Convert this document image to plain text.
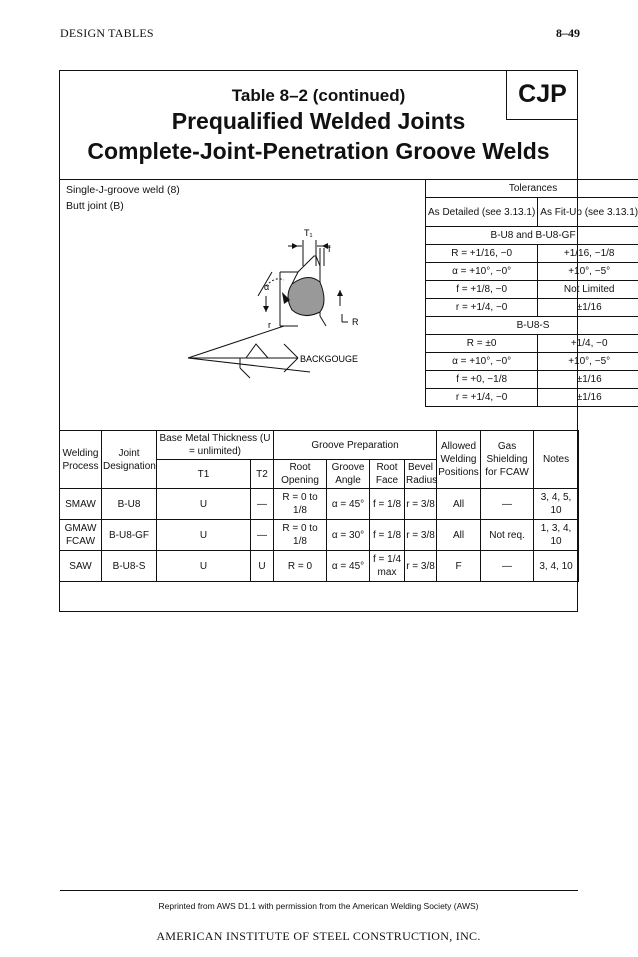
DESIGN TABLES	8–49
CJP
Table 8–2 (continued)
Prequalified Welded Joints
Complete-Joint-Penetration Groove Welds
Single-J-groove weld (8)
Butt joint (B)
T₁
f
α
r	R
BACKGOUGE
Tolerances	
As Detailed (see 3.13.1)	As Fit-Up (see 3.13.1)
B-U8 and B-U8-GF	
R = +1/16, −0	+1/16, −1/8
α = +10°, −0°	+10°, −5°
f = +1/8, −0	Not Limited
r = +1/4, −0	±1/16
B-U8-S	
R = ±0	+1/4, −0
α = +10°, −0°	+10°, −5°
f = +0, −1/8	±1/16
r = +1/4, −0	±1/16
Welding Process	Joint Designation	Base Metal Thickness (U = unlimited)		Groove Preparation				Allowed Welding Positions	Gas Shielding for FCAW	Notes
		T1	T2	Root Opening	Groove Angle	Root Face	Bevel Radius			
SMAW	B-U8	U	—	R = 0 to 1/8	α = 45°	f = 1/8	r = 3/8	All	—	3, 4, 5, 10
GMAW FCAW	B-U8-GF	U	—	R = 0 to 1/8	α = 30°	f = 1/8	r = 3/8	All	Not req.	1, 3, 4, 10
SAW	B-U8-S	U	U	R = 0	α = 45°	f = 1/4 max	r = 3/8	F	—	3, 4, 10
Reprinted from AWS D1.1 with permission from the American Welding Society (AWS)
AMERICAN INSTITUTE OF STEEL CONSTRUCTION, INC.
